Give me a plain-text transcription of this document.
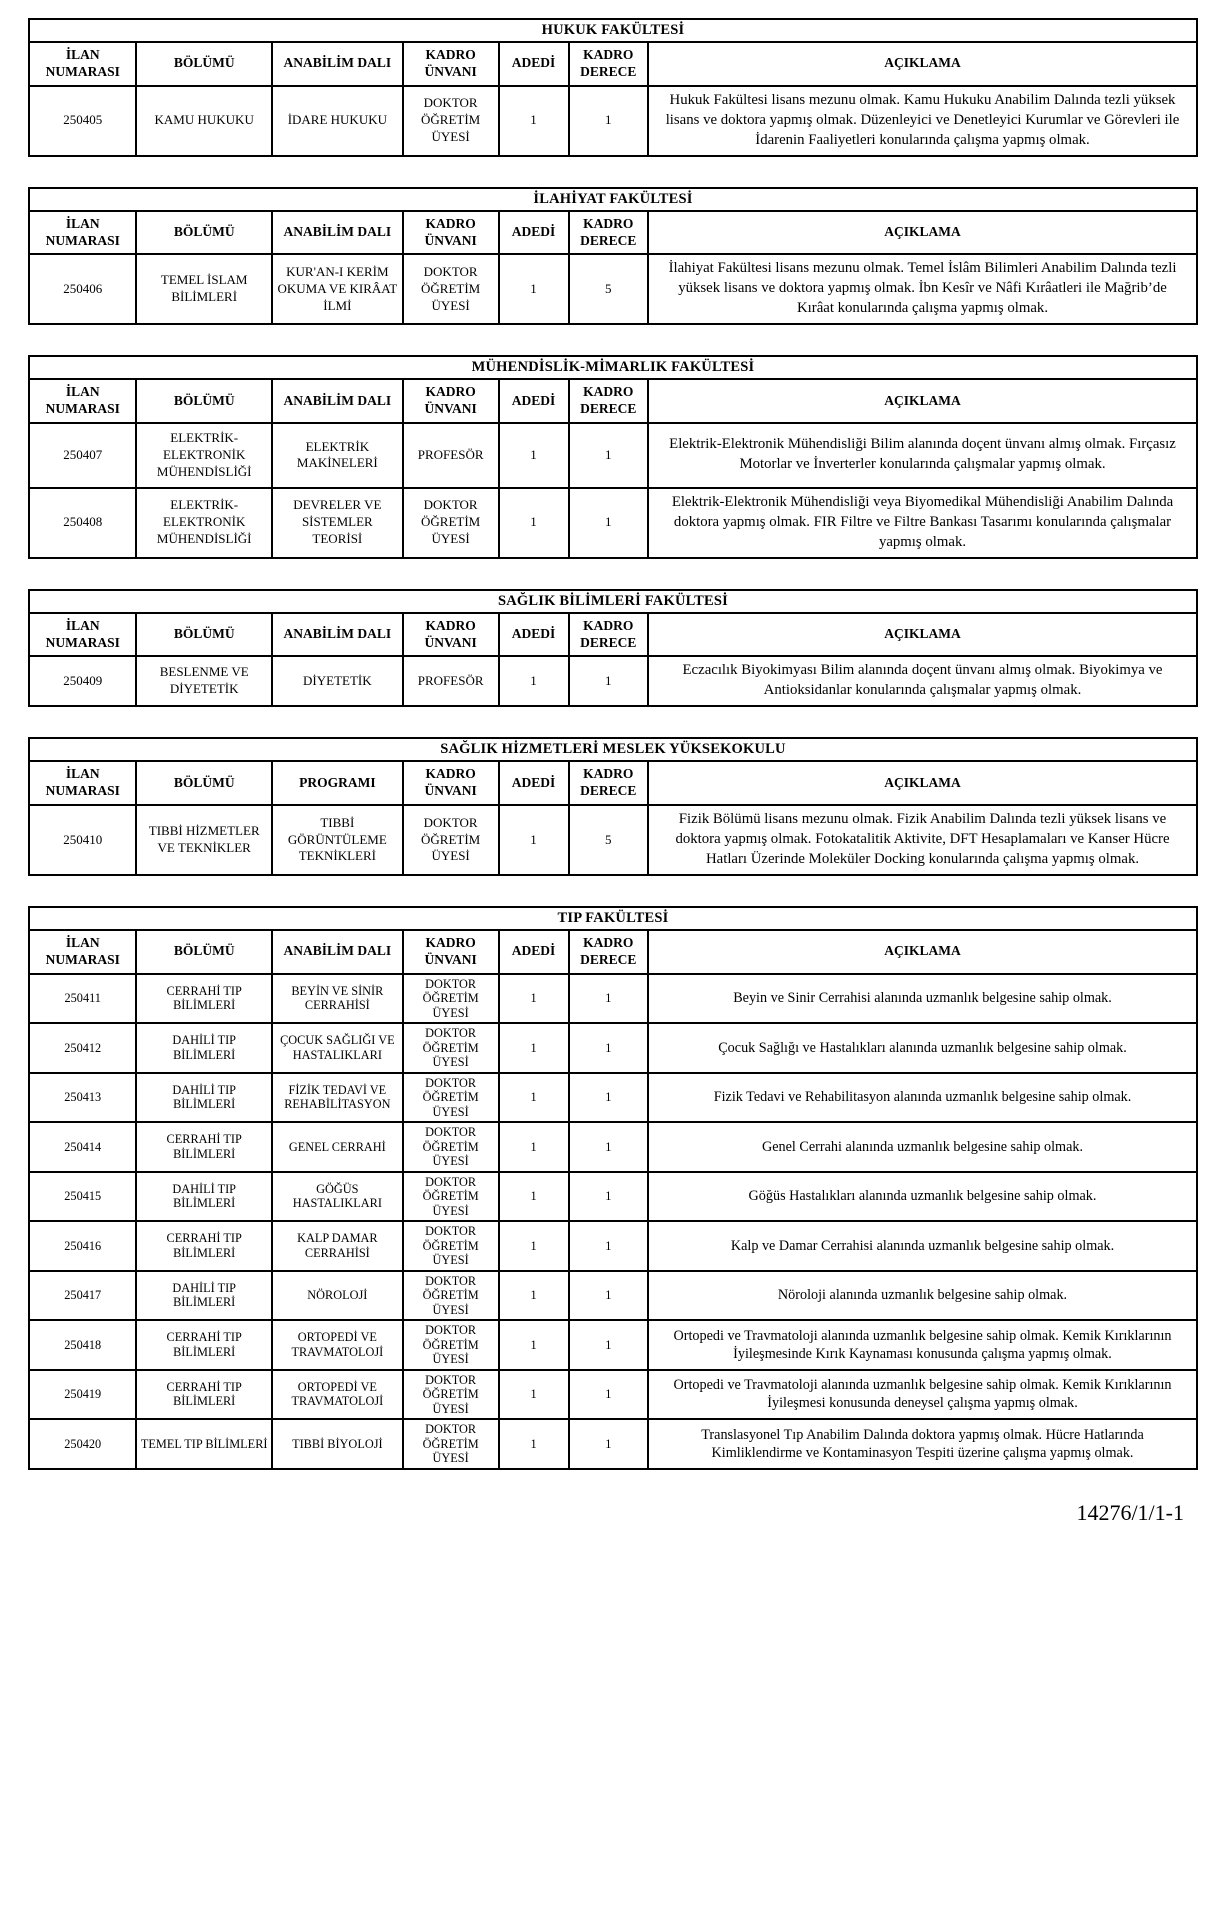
HUKUK FAKÜLTESİ						
İLAN NUMARASI	BÖLÜMÜ	ANABİLİM DALI	KADRO ÜNVANI	ADEDİ	KADRO DERECE	AÇIKLAMA
250405	KAMU HUKUKU	İDARE HUKUKU	DOKTOR ÖĞRETİM ÜYESİ	1	1	Hukuk Fakültesi lisans mezunu olmak. Kamu Hukuku Anabilim Dalında tezli yüksek lisans ve doktora yapmış olmak. Düzenleyici ve Denetleyici Kurumlar ve Görevleri ile İdarenin Faaliyetleri konularında çalışma yapmış olmak.
İLAHİYAT FAKÜLTESİ						
İLAN NUMARASI	BÖLÜMÜ	ANABİLİM DALI	KADRO ÜNVANI	ADEDİ	KADRO DERECE	AÇIKLAMA
250406	TEMEL İSLAM BİLİMLERİ	KUR'AN-I KERİM OKUMA VE KIRÂAT İLMİ	DOKTOR ÖĞRETİM ÜYESİ	1	5	İlahiyat Fakültesi lisans mezunu olmak. Temel İslâm Bilimleri Anabilim Dalında tezli yüksek lisans ve doktora yapmış olmak. İbn Kesîr ve Nâfi Kırâatleri ile Mağrib’de Kırâat konularında çalışma yapmış olmak.
MÜHENDİSLİK-MİMARLIK FAKÜLTESİ						
İLAN NUMARASI	BÖLÜMÜ	ANABİLİM DALI	KADRO ÜNVANI	ADEDİ	KADRO DERECE	AÇIKLAMA
250407	ELEKTRİK-ELEKTRONİK MÜHENDİSLİĞİ	ELEKTRİK MAKİNELERİ	PROFESÖR	1	1	Elektrik-Elektronik Mühendisliği Bilim alanında doçent ünvanı almış olmak. Fırçasız Motorlar ve İnverterler konularında çalışmalar yapmış olmak.
250408	ELEKTRİK-ELEKTRONİK MÜHENDİSLİĞİ	DEVRELER VE SİSTEMLER TEORİSİ	DOKTOR ÖĞRETİM ÜYESİ	1	1	Elektrik-Elektronik Mühendisliği veya Biyomedikal Mühendisliği Anabilim Dalında doktora yapmış olmak. FIR Filtre ve Filtre Bankası Tasarımı konularında çalışmalar yapmış olmak.
SAĞLIK BİLİMLERİ FAKÜLTESİ						
İLAN NUMARASI	BÖLÜMÜ	ANABİLİM DALI	KADRO ÜNVANI	ADEDİ	KADRO DERECE	AÇIKLAMA
250409	BESLENME VE DİYETETİK	DİYETETİK	PROFESÖR	1	1	Eczacılık Biyokimyası Bilim alanında doçent ünvanı almış olmak. Biyokimya ve Antioksidanlar konularında çalışmalar yapmış olmak.
SAĞLIK HİZMETLERİ MESLEK YÜKSEKOKULU						
İLAN NUMARASI	BÖLÜMÜ	PROGRAMI	KADRO ÜNVANI	ADEDİ	KADRO DERECE	AÇIKLAMA
250410	TIBBİ HİZMETLER VE TEKNİKLER	TIBBİ GÖRÜNTÜLEME TEKNİKLERİ	DOKTOR ÖĞRETİM ÜYESİ	1	5	Fizik Bölümü lisans mezunu olmak. Fizik Anabilim Dalında tezli yüksek lisans ve doktora yapmış olmak. Fotokatalitik Aktivite, DFT Hesaplamaları ve Kanser Hücre Hatları Üzerinde Moleküler Docking konularında çalışma yapmış olmak.
TIP FAKÜLTESİ						
İLAN NUMARASI	BÖLÜMÜ	ANABİLİM DALI	KADRO ÜNVANI	ADEDİ	KADRO DERECE	AÇIKLAMA
250411	CERRAHİ TIP BİLİMLERİ	BEYİN VE SİNİR CERRAHİSİ	DOKTOR ÖĞRETİM ÜYESİ	1	1	Beyin ve Sinir Cerrahisi alanında uzmanlık belgesine sahip olmak.
250412	DAHİLİ TIP BİLİMLERİ	ÇOCUK SAĞLIĞI VE HASTALIKLARI	DOKTOR ÖĞRETİM ÜYESİ	1	1	Çocuk Sağlığı ve Hastalıkları alanında uzmanlık belgesine sahip olmak.
250413	DAHİLİ TIP BİLİMLERİ	FİZİK TEDAVİ VE REHABİLİTASYON	DOKTOR ÖĞRETİM ÜYESİ	1	1	Fizik Tedavi ve Rehabilitasyon alanında uzmanlık belgesine sahip olmak.
250414	CERRAHİ TIP BİLİMLERİ	GENEL CERRAHİ	DOKTOR ÖĞRETİM ÜYESİ	1	1	Genel Cerrahi alanında uzmanlık belgesine sahip olmak.
250415	DAHİLİ TIP BİLİMLERİ	GÖĞÜS HASTALIKLARI	DOKTOR ÖĞRETİM ÜYESİ	1	1	Göğüs Hastalıkları alanında uzmanlık belgesine sahip olmak.
250416	CERRAHİ TIP BİLİMLERİ	KALP DAMAR CERRAHİSİ	DOKTOR ÖĞRETİM ÜYESİ	1	1	Kalp ve Damar Cerrahisi alanında uzmanlık belgesine sahip olmak.
250417	DAHİLİ TIP BİLİMLERİ	NÖROLOJİ	DOKTOR ÖĞRETİM ÜYESİ	1	1	Nöroloji alanında uzmanlık belgesine sahip olmak.
250418	CERRAHİ TIP BİLİMLERİ	ORTOPEDİ VE TRAVMATOLOJİ	DOKTOR ÖĞRETİM ÜYESİ	1	1	Ortopedi ve Travmatoloji alanında uzmanlık belgesine sahip olmak. Kemik Kırıklarının İyileşmesinde Kırık Kaynaması konusunda çalışma yapmış olmak.
250419	CERRAHİ TIP BİLİMLERİ	ORTOPEDİ VE TRAVMATOLOJİ	DOKTOR ÖĞRETİM ÜYESİ	1	1	Ortopedi ve Travmatoloji alanında uzmanlık belgesine sahip olmak. Kemik Kırıklarının İyileşmesi konusunda deneysel çalışma yapmış olmak.
250420	TEMEL TIP BİLİMLERİ	TIBBİ BİYOLOJİ	DOKTOR ÖĞRETİM ÜYESİ	1	1	Translasyonel Tıp Anabilim Dalında doktora yapmış olmak. Hücre Hatlarında Kimliklendirme ve Kontaminasyon Tespiti üzerine çalışma yapmış olmak.
14276/1/1-1
